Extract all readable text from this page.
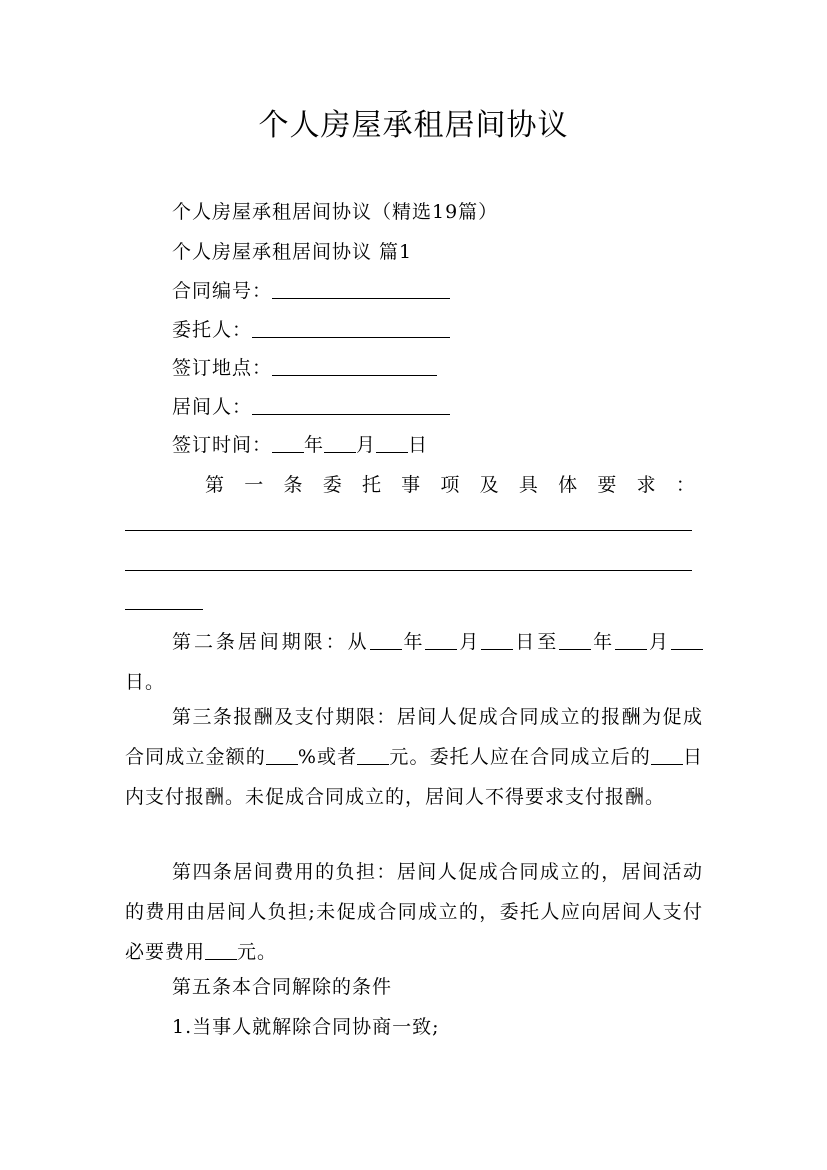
个人房屋承租居间协议
个人房屋承租居间协议（精选19篇）
个人房屋承租居间协议 篇1
合同编号：
委托人：
签订地点：
居间人：
签订时间： 年 月 日
第 一 条 委 托 事 项 及 具 体 要 求 ：

第二条居间期限：从 年 月 日至 年 月日。

第三条报酬及支付期限：居间人促成合同成立的报酬为促成合同成立金额的 %或者 元。委托人应在合同成立后的 日内支付报酬。未促成合同成立的，居间人不得要求支付报酬。

第四条居间费用的负担：居间人促成合同成立的，居间活动的费用由居间人负担;未促成合同成立的，委托人应向居间人支付必要费用 元。

第五条本合同解除的条件

1.当事人就解除合同协商一致;
